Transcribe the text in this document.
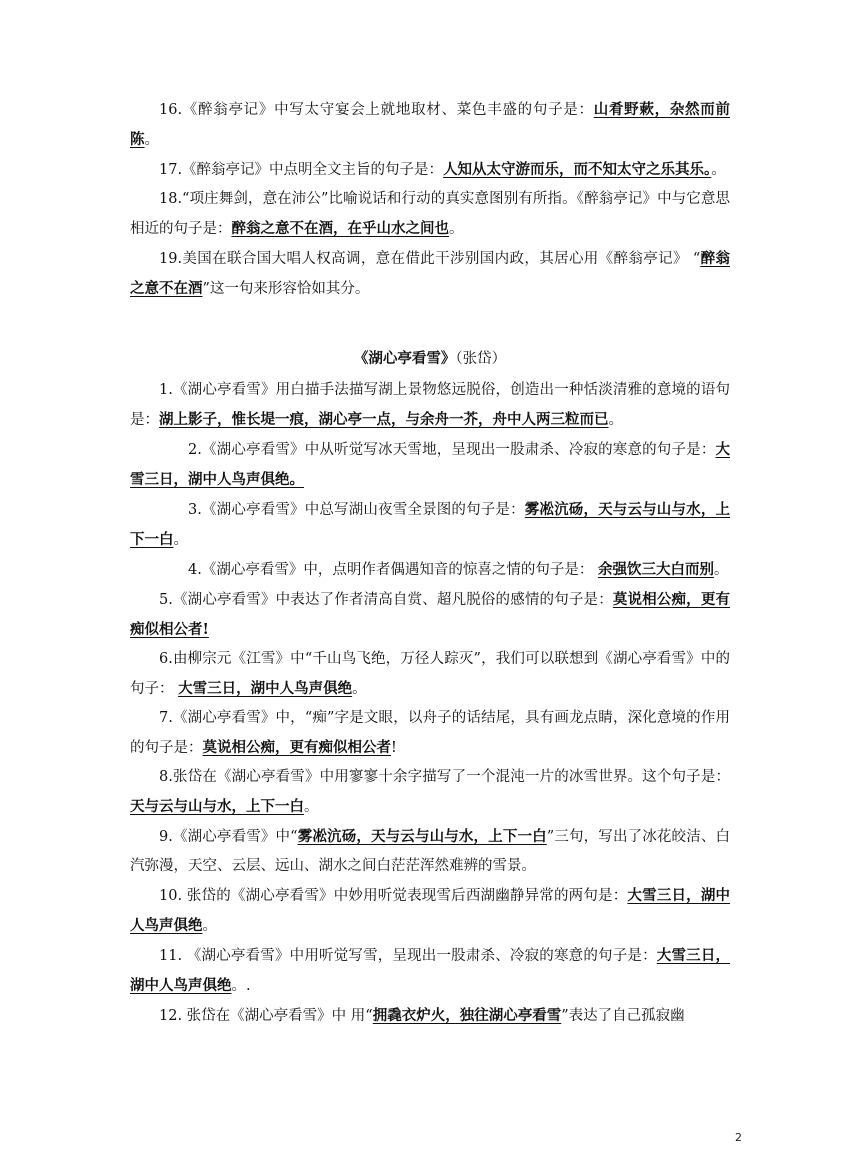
16.《醉翁亭记》中写太守宴会上就地取材、菜色丰盛的句子是：山肴野蔌，杂然而前陈。

17.《醉翁亭记》中点明全文主旨的句子是：人知从太守游而乐，而不知太守之乐其乐。。

18.“项庄舞剑，意在沛公”比喻说话和行动的真实意图别有所指。《醉翁亭记》中与它意思相近的句子是：醉翁之意不在酒，在乎山水之间也。

19.美国在联合国大唱人权高调，意在借此干涉别国内政，其居心用《醉翁亭记》 “醉翁之意不在酒”这一句来形容恰如其分。

《湖心亭看雪》（张岱）

1.《湖心亭看雪》用白描手法描写湖上景物悠远脱俗，创造出一种恬淡清雅的意境的语句是：湖上影子，惟长堤一痕，湖心亭一点，与余舟一芥，舟中人两三粒而已。

2.《湖心亭看雪》中从听觉写冰天雪地，呈现出一股肃杀、冷寂的寒意的句子是：大雪三日，湖中人鸟声俱绝。

3.《湖心亭看雪》中总写湖山夜雪全景图的句子是：雾凇沆砀，天与云与山与水，上下一白。

4.《湖心亭看雪》中，点明作者偶遇知音的惊喜之情的句子是： 余强饮三大白而别。

5.《湖心亭看雪》中表达了作者清高自赏、超凡脱俗的感情的句子是：莫说相公痴，更有痴似相公者!

6.由柳宗元《江雪》中“千山鸟飞绝，万径人踪灭”，我们可以联想到《湖心亭看雪》中的句子： 大雪三日，湖中人鸟声俱绝。

7.《湖心亭看雪》中，“痴”字是文眼，以舟子的话结尾，具有画龙点睛，深化意境的作用的句子是：莫说相公痴，更有痴似相公者!

8.张岱在《湖心亭看雪》中用寥寥十余字描写了一个混沌一片的冰雪世界。这个句子是：天与云与山与水，上下一白。

9.《湖心亭看雪》中“雾凇沆砀，天与云与山与水，上下一白”三句，写出了冰花皎洁、白汽弥漫，天空、云层、远山、湖水之间白茫茫浑然难辨的雪景。

10. 张岱的《湖心亭看雪》中妙用听觉表现雪后西湖幽静异常的两句是：大雪三日，湖中人鸟声俱绝。

11. 《湖心亭看雪》中用听觉写雪，呈现出一股肃杀、冷寂的寒意的句子是：大雪三日，湖中人鸟声俱绝。.

12. 张岱在《湖心亭看雪》中 用“拥毳衣炉火，独往湖心亭看雪”表达了自己孤寂幽

2
